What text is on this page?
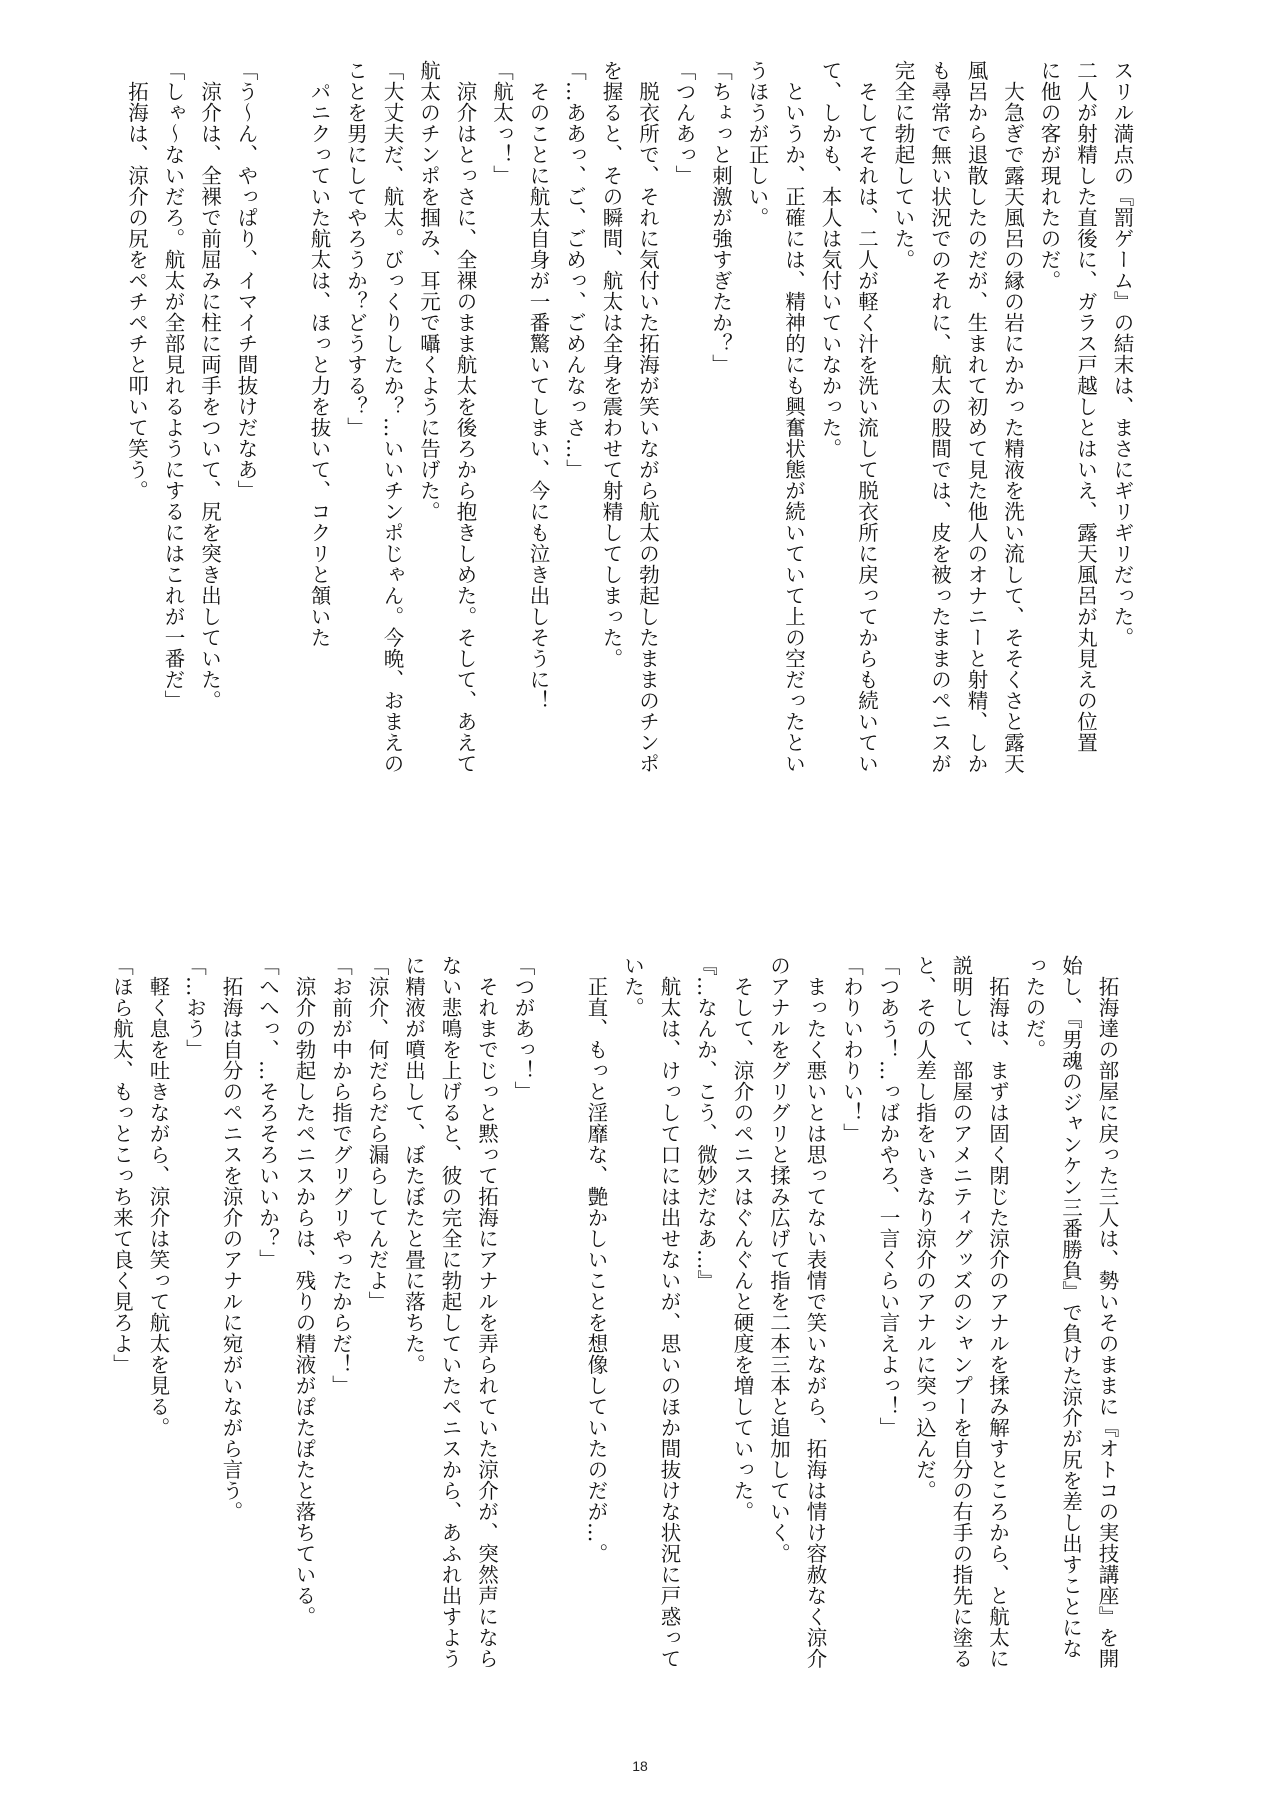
スリル満点の『罰ゲーム』の結末は、まさにギリギリだった。
二人が射精した直後に、ガラス戸越しとはいえ、露天風呂が丸見えの位置
に他の客が現れたのだ。
　大急ぎで露天風呂の縁の岩にかかった精液を洗い流して、そそくさと露天
風呂から退散したのだが、生まれて初めて見た他人のオナニーと射精、しか
も尋常で無い状況でのそれに、航太の股間では、皮を被ったままのペニスが
完全に勃起していた。
　そしてそれは、二人が軽く汁を洗い流して脱衣所に戻ってからも続いてい
て、しかも、本人は気付いていなかった。
　というか、正確には、精神的にも興奮状態が続いていて上の空だったとい
うほうが正しい。
「ちょっと刺激が強すぎたか？」
「つんあっ」
　脱衣所で、それに気付いた拓海が笑いながら航太の勃起したままのチンポ
を握ると、その瞬間、航太は全身を震わせて射精してしまった。
「…ああっ、ご、ごめっ、ごめんなっさ…」
　そのことに航太自身が一番驚いてしまい、今にも泣き出しそうに！
「航太っ！」
　涼介はとっさに、全裸のまま航太を後ろから抱きしめた。そして、あえて
航太のチンポを掴み、耳元で囁くように告げた。
「大丈夫だ、航太。びっくりしたか？…いいチンポじゃん。今晩、おまえの
ことを男にしてやろうか？どうする？」
　パニクっていた航太は、ほっと力を抜いて、コクリと頷いた

「う～ん、やっぱり、イマイチ間抜けだなあ」
　涼介は、全裸で前屈みに柱に両手をついて、尻を突き出していた。
「しゃ～ないだろ。航太が全部見れるようにするにはこれが一番だ」
　拓海は、涼介の尻をペチペチと叩いて笑う。
　拓海達の部屋に戻った三人は、勢いそのままに『オトコの実技講座』を開
始し、『男魂のジャンケン三番勝負』で負けた涼介が尻を差し出すことにな
ったのだ。
　拓海は、まずは固く閉じた涼介のアナルを揉み解すところから、と航太に
説明して、部屋のアメニティグッズのシャンプーを自分の右手の指先に塗る
と、その人差し指をいきなり涼介のアナルに突っ込んだ。
「つあう！…っばかやろ、一言くらい言えよっ！」
「わりいわりい！」
　まったく悪いとは思ってない表情で笑いながら、拓海は情け容赦なく涼介
のアナルをグリグリと揉み広げて指を二本三本と追加していく。
　そして、涼介のペニスはぐんぐんと硬度を増していった。
『…なんか、こう、微妙だなあ…』
　航太は、けっして口には出せないが、思いのほか間抜けな状況に戸惑って
いた。
　正直、もっと淫靡な、艶かしいことを想像していたのだが…。

「つがあっ！」
　それまでじっと黙って拓海にアナルを弄られていた涼介が、突然声になら
ない悲鳴を上げると、彼の完全に勃起していたペニスから、あふれ出すよう
に精液が噴出して、ぼたぼたと畳に落ちた。
「涼介、何だらだら漏らしてんだよ」
「お前が中から指でグリグリやったからだ！」
　涼介の勃起したペニスからは、残りの精液がぽたぽたと落ちている。
「へへっ、…そろそろいいか？」
　拓海は自分のペニスを涼介のアナルに宛がいながら言う。
「…おう」
　軽く息を吐きながら、涼介は笑って航太を見る。
「ほら航太、もっとこっち来て良く見ろよ」
18
